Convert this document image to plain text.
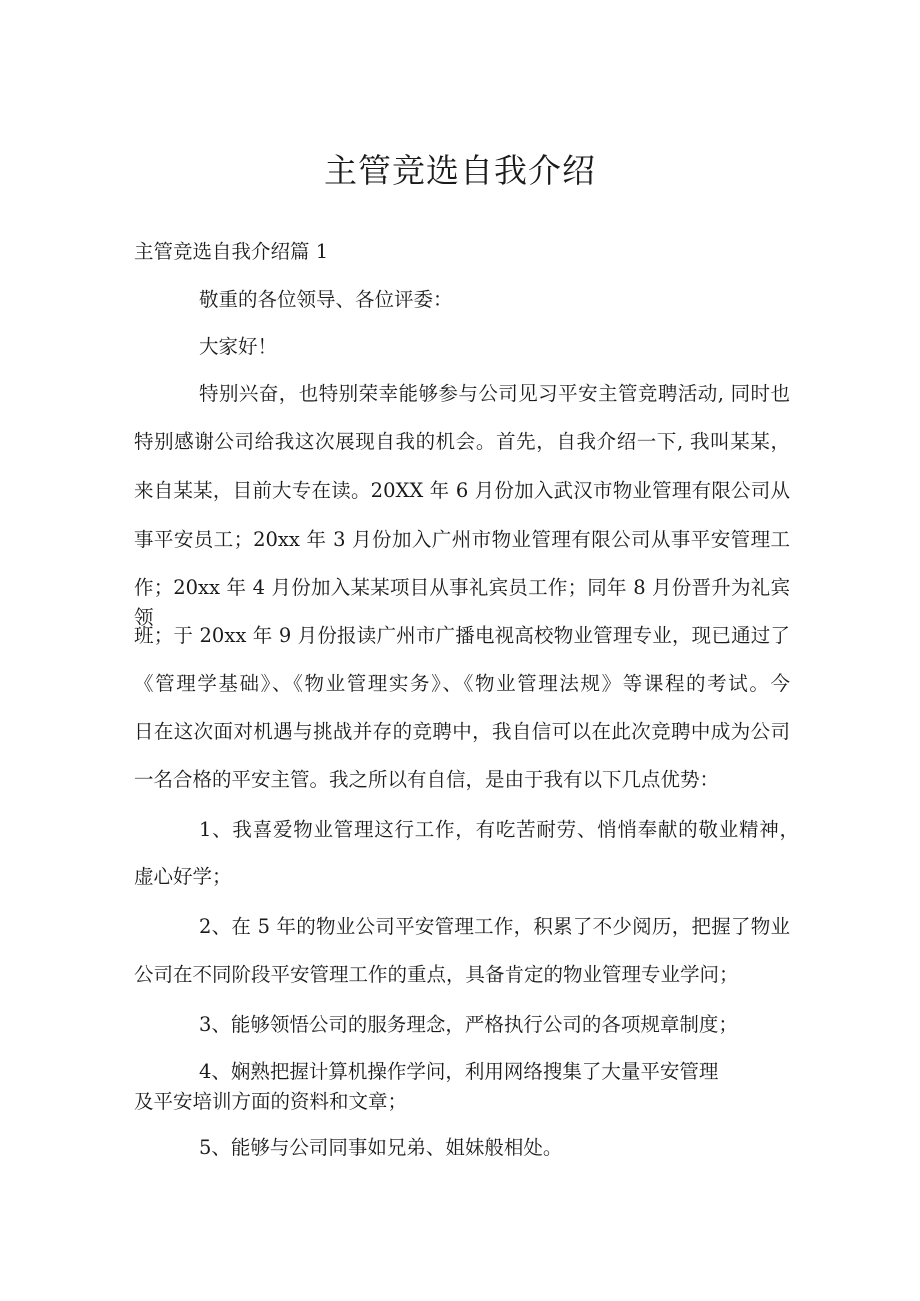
主管竞选自我介绍
主管竞选自我介绍篇 1
敬重的各位领导、各位评委：
大家好！
特别兴奋，也特别荣幸能够参与公司见习平安主管竞聘活动, 同时也
特别感谢公司给我这次展现自我的机会。首先，自我介绍一下, 我叫某某，
来自某某，目前大专在读。20XX 年 6 月份加入武汉市物业管理有限公司从
事平安员工；20xx 年 3 月份加入广州市物业管理有限公司从事平安管理工
作；20xx 年 4 月份加入某某项目从事礼宾员工作；同年 8 月份晋升为礼宾领
班；于 20xx 年 9 月份报读广州市广播电视高校物业管理专业，现已通过了
《管理学基础》、《物业管理实务》、《物业管理法规》等课程的考试。今
日在这次面对机遇与挑战并存的竞聘中，我自信可以在此次竞聘中成为公司
一名合格的平安主管。我之所以有自信，是由于我有以下几点优势：
1、我喜爱物业管理这行工作，有吃苦耐劳、悄悄奉献的敬业精神，
虚心好学；
2、在 5 年的物业公司平安管理工作，积累了不少阅历，把握了物业
公司在不同阶段平安管理工作的重点，具备肯定的物业管理专业学问；
3、能够领悟公司的服务理念，严格执行公司的各项规章制度；
4、娴熟把握计算机操作学问，利用网络搜集了大量平安管理
及平安培训方面的资料和文章；
5、能够与公司同事如兄弟、姐妹般相处。
